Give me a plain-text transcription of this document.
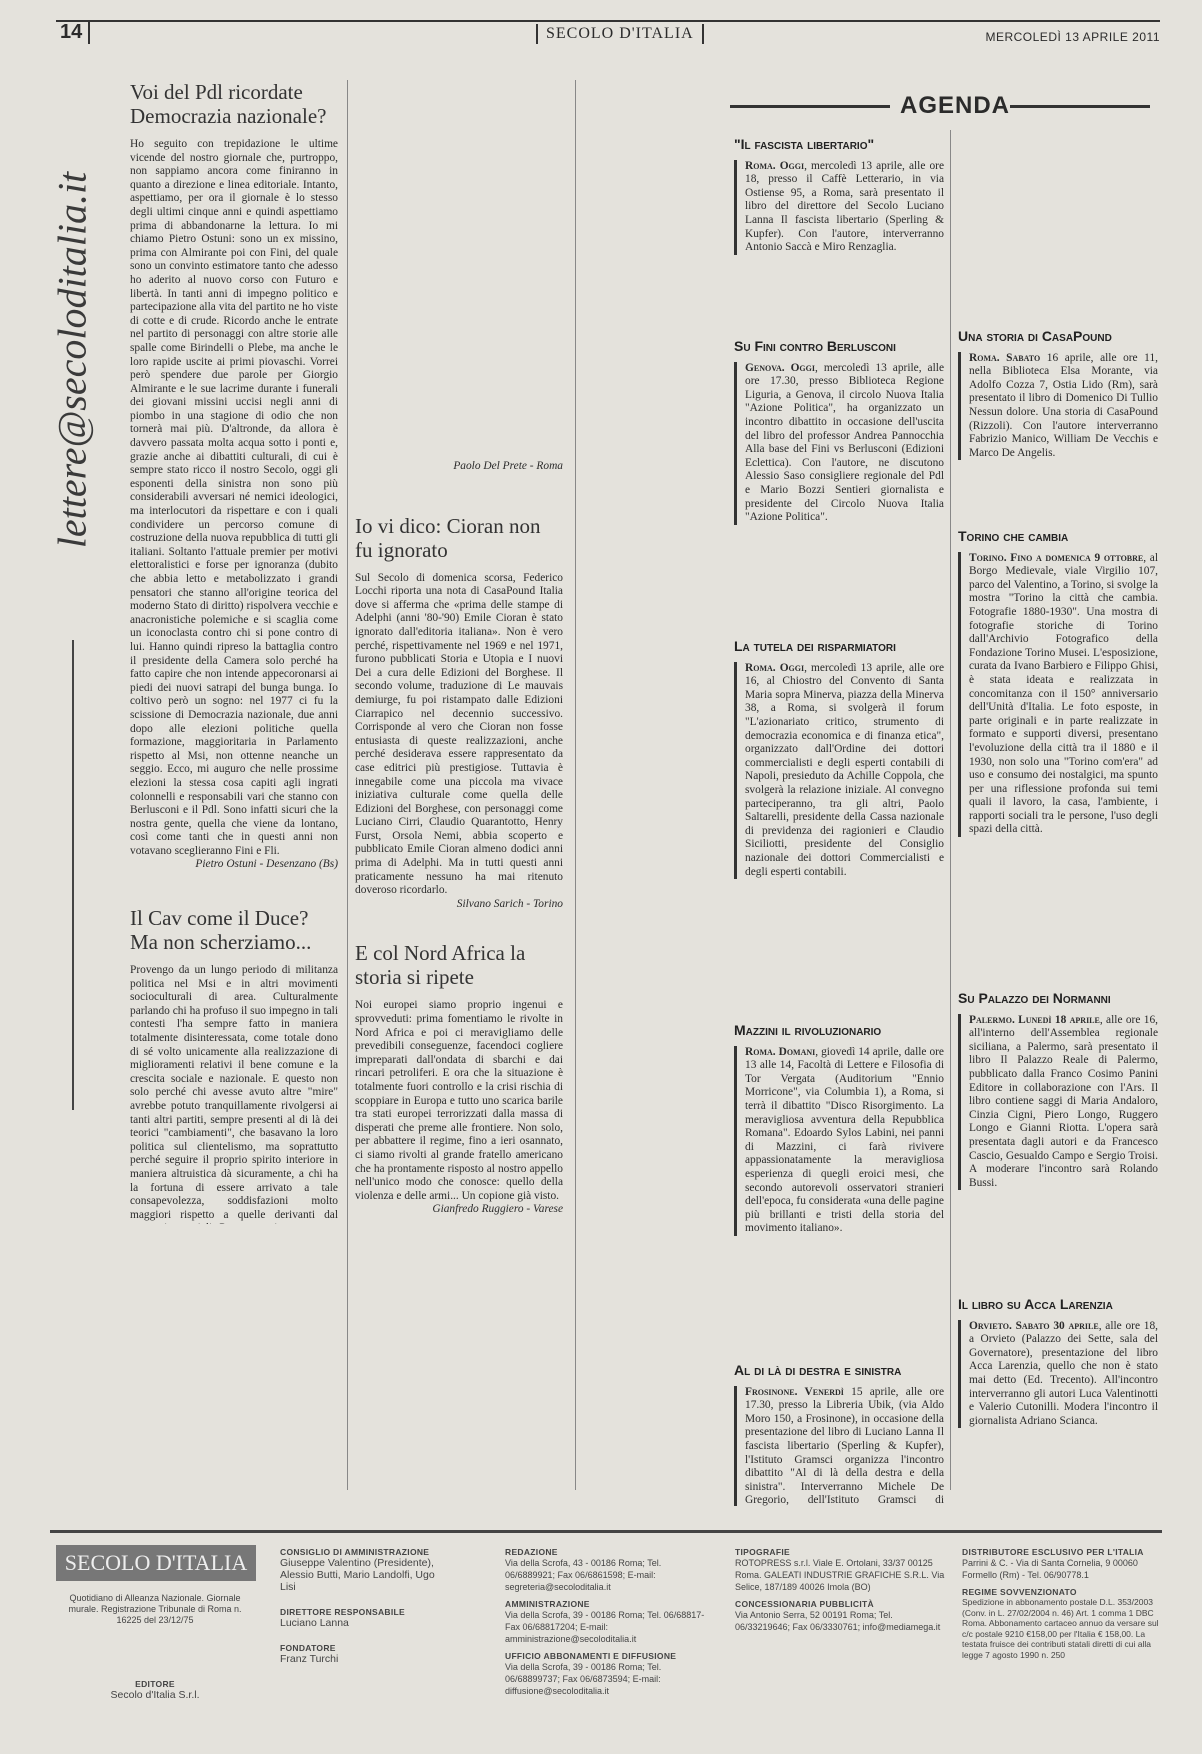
14	SECOLO D'ITALIA	MERCOLEDÌ 13 APRILE 2011
lettere@secoloditalia.it
Voi del Pdl ricordate Democrazia nazionale?

Ho seguito con trepidazione le ultime vicende del nostro giornale che, purtroppo, non sappiamo ancora come finiranno in quanto a direzione e linea editoriale. Intanto, aspettiamo, per ora il giornale è lo stesso degli ultimi cinque anni e quindi aspettiamo prima di abbandonarne la lettura. Io mi chiamo Pietro Ostuni: sono un ex missino, prima con Almirante poi con Fini, del quale sono un convinto estimatore tanto che adesso ho aderito al nuovo corso con Futuro e libertà. In tanti anni di impegno politico e partecipazione alla vita del partito ne ho viste di cotte e di crude. Ricordo anche le entrate nel partito di personaggi con altre storie alle spalle come Birindelli o Plebe, ma anche le loro rapide uscite ai primi piovaschi. Vorrei però spendere due parole per Giorgio Almirante e le sue lacrime durante i funerali dei giovani missini uccisi negli anni di piombo in una stagione di odio che non tornerà mai più. D'altronde, da allora è davvero passata molta acqua sotto i ponti e, grazie anche ai dibattiti culturali, di cui è sempre stato ricco il nostro Secolo, oggi gli esponenti della sinistra non sono più considerabili avversari né nemici ideologici, ma interlocutori da rispettare e con i quali condividere un percorso comune di costruzione della nuova repubblica di tutti gli italiani. Soltanto l'attuale premier per motivi elettoralistici e forse per ignoranza (dubito che abbia letto e metabolizzato i grandi pensatori che stanno all'origine teorica del moderno Stato di diritto) rispolvera vecchie e anacronistiche polemiche e si scaglia come un iconoclasta contro chi si pone contro di lui. Hanno quindi ripreso la battaglia contro il presidente della Camera solo perché ha fatto capire che non intende appecoronarsi ai piedi dei nuovi satrapi del bunga bunga. Io coltivo però un sogno: nel 1977 ci fu la scissione di Democrazia nazionale, due anni dopo alle elezioni politiche quella formazione, maggioritaria in Parlamento rispetto al Msi, non ottenne neanche un seggio. Ecco, mi auguro che nelle prossime elezioni la stessa cosa capiti agli ingrati colonnelli e responsabili vari che stanno con Berlusconi e il Pdl. Sono infatti sicuri che la nostra gente, quella che viene da lontano, così come tanti che in questi anni non votavano sceglieranno Fini e Fli.

Pietro Ostuni - Desenzano (Bs)

Il Cav come il Duce? Ma non scherziamo...

Provengo da un lungo periodo di militanza politica nel Msi e in altri movimenti socioculturali di area. Culturalmente parlando chi ha profuso il suo impegno in tali contesti l'ha sempre fatto in maniera totalmente disinteressata, come totale dono di sé volto unicamente alla realizzazione di miglioramenti relativi il bene comune e la crescita sociale e nazionale. E questo non solo perché chi avesse avuto altre "mire" avrebbe potuto tranquillamente rivolgersi ai tanti altri partiti, sempre presenti al di là dei teorici "cambiamenti", che basavano la loro politica sul clientelismo, ma soprattutto perché seguire il proprio spirito interiore in maniera altruistica dà sicuramente, a chi ha la fortuna di essere arrivato a tale consapevolezza, soddisfazioni molto maggiori rispetto a quelle derivanti dal

Paolo Del Prete - Roma

Io vi dico: Cioran non fu ignorato

Sul Secolo di domenica scorsa, Federico Locchi riporta una nota di CasaPound Italia dove si afferma che «prima delle stampe di Adelphi (anni '80-'90) Emile Cioran è stato ignorato dall'editoria italiana». Non è vero perché, rispettivamente nel 1969 e nel 1971, furono pubblicati Storia e Utopia e I nuovi Dei a cura delle Edizioni del Borghese. Il secondo volume, traduzione di Le mauvais demiurge, fu poi ristampato dalle Edizioni Ciarrapico nel decennio successivo. Corrisponde al vero che Cioran non fosse entusiasta di queste realizzazioni, anche perché desiderava essere rappresentato da case editrici più prestigiose. Tuttavia è innegabile come una piccola ma vivace iniziativa culturale come quella delle Edizioni del Borghese, con personaggi come Luciano Cirri, Claudio Quarantotto, Henry Furst, Orsola Nemi, abbia scoperto e pubblicato Emile Cioran almeno dodici anni prima di Adelphi. Ma in tutti questi anni praticamente nessuno ha mai ritenuto doveroso ricordarlo.

Silvano Sarich - Torino

E col Nord Africa la storia si ripete

Noi europei siamo proprio ingenui e sprovveduti: prima fomentiamo le rivolte in Nord Africa e poi ci meravigliamo delle prevedibili conseguenze, facendoci cogliere impreparati dall'ondata di sbarchi e dai rincari petroliferi. E ora che la situazione è totalmente fuori controllo e la crisi rischia di scoppiare in Europa e tutto uno scarica barile tra stati europei terrorizzati dalla massa di disperati che preme alle frontiere. Non solo, per abbattere il regime, fino a ieri osannato, ci siamo rivolti al grande fratello americano che ha prontamente risposto al nostro appello nell'unico modo che conosce: quello della violenza e delle armi... Un copione già visto.

Gianfredo Ruggiero - Varese

AGENDA
"Il fascista libertario"
Roma. Oggi, mercoledì 13 aprile, alle ore 18, presso il Caffè Letterario, in via Ostiense 95, a Roma, sarà presentato il libro del direttore del Secolo Luciano Lanna Il fascista libertario (Sperling & Kupfer). Con l'autore, interverranno Antonio Saccà e Miro Renzaglia.
Su Fini contro Berlusconi
Genova. Oggi, mercoledì 13 aprile, alle ore 17.30, presso Biblioteca Regione Liguria, a Genova, il circolo Nuova Italia "Azione Politica", ha organizzato un incontro dibattito in occasione dell'uscita del libro del professor Andrea Pannocchia Alla base del Fini vs Berlusconi (Edizioni Eclettica). Con l'autore, ne discutono Alessio Saso consigliere regionale del Pdl e Mario Bozzi Sentieri giornalista e presidente del Circolo Nuova Italia "Azione Politica".
La tutela dei risparmiatori
Roma. Oggi, mercoledì 13 aprile, alle ore 16, al Chiostro del Convento di Santa Maria sopra Minerva, piazza della Minerva 38, a Roma, si svolgerà il forum "L'azionariato critico, strumento di democrazia economica e di finanza etica", organizzato dall'Ordine dei dottori commercialisti e degli esperti contabili di Napoli, presieduto da Achille Coppola, che svolgerà la relazione iniziale. Al convegno parteciperanno, tra gli altri, Paolo Saltarelli, presidente della Cassa nazionale di previdenza dei ragionieri e Claudio Siciliotti, presidente del Consiglio nazionale dei dottori Commercialisti e degli esperti contabili.
Mazzini il rivoluzionario
Roma. Domani, giovedì 14 aprile, dalle ore 13 alle 14, Facoltà di Lettere e Filosofia di Tor Vergata (Auditorium "Ennio Morricone", via Columbia 1), a Roma, si terrà il dibattito "Disco Risorgimento. La meravigliosa avventura della Repubblica Romana". Edoardo Sylos Labini, nei panni di Mazzini, ci farà rivivere appassionatamente la meravigliosa esperienza di quegli eroici mesi, che secondo autorevoli osservatori stranieri dell'epoca, fu considerata «una delle pagine più brillanti e tristi della storia del movimento italiano».
Al di là di destra e sinistra
Frosinone. Venerdì 15 aprile, alle ore 17.30, presso la Libreria Ubik, (via Aldo Moro 150, a Frosinone), in occasione della presentazione del libro di Luciano Lanna Il fascista libertario (Sperling & Kupfer), l'Istituto Gramsci organizza l'incontro dibattito "Al di là della destra e della sinistra". Interverranno Michele De Gregorio, dell'Istituto Gramsci di
Una storia di CasaPound
Roma. Sabato 16 aprile, alle ore 11, nella Biblioteca Elsa Morante, via Adolfo Cozza 7, Ostia Lido (Rm), sarà presentato il libro di Domenico Di Tullio Nessun dolore. Una storia di CasaPound (Rizzoli). Con l'autore interverranno Fabrizio Manico, William De Vecchis e Marco De Angelis.
Torino che cambia
Torino. Fino a domenica 9 ottobre, al Borgo Medievale, viale Virgilio 107, parco del Valentino, a Torino, si svolge la mostra "Torino la città che cambia. Fotografie 1880-1930". Una mostra di fotografie storiche di Torino dall'Archivio Fotografico della Fondazione Torino Musei. L'esposizione, curata da Ivano Barbiero e Filippo Ghisi, è stata ideata e realizzata in concomitanza con il 150° anniversario dell'Unità d'Italia. Le foto esposte, in parte originali e in parte realizzate in formato e supporti diversi, presentano l'evoluzione della città tra il 1880 e il 1930, non solo una "Torino com'era" ad uso e consumo dei nostalgici, ma spunto per una riflessione profonda sui temi quali il lavoro, la casa, l'ambiente, i rapporti sociali tra le persone, l'uso degli spazi della città.
Su Palazzo dei Normanni
Palermo. Lunedì 18 aprile, alle ore 16, all'interno dell'Assemblea regionale siciliana, a Palermo, sarà presentato il libro Il Palazzo Reale di Palermo, pubblicato dalla Franco Cosimo Panini Editore in collaborazione con l'Ars. Il libro contiene saggi di Maria Andaloro, Cinzia Cigni, Piero Longo, Ruggero Longo e Gianni Riotta. L'opera sarà presentata dagli autori e da Francesco Cascio, Gesualdo Campo e Sergio Troisi. A moderare l'incontro sarà Rolando Bussi.
Il libro su Acca Larenzia
Orvieto. Sabato 30 aprile, alle ore 18, a Orvieto (Palazzo dei Sette, sala del Governatore), presentazione del libro Acca Larenzia, quello che non è stato mai detto (Ed. Trecento). All'incontro interverranno gli autori Luca Valentinotti e Valerio Cutonilli. Modera l'incontro il giornalista Adriano Scianca.
SECOLO D'ITALIA
Quotidiano di Alleanza Nazionale. Giornale murale. Registrazione Tribunale di Roma n. 16225 del 23/12/75
EDITORE
Secolo d'Italia S.r.l.
CONSIGLIO DI AMMINISTRAZIONE
Giuseppe Valentino (Presidente), Alessio Butti, Mario Landolfi, Ugo Lisi
DIRETTORE RESPONSABILE
Luciano Lanna
FONDATORE
Franz Turchi
REDAZIONE
Via della Scrofa, 43 - 00186 Roma; Tel. 06/6889921; Fax 06/6861598; E-mail: segreteria@secoloditalia.it
AMMINISTRAZIONE
Via della Scrofa, 39 - 00186 Roma; Tel. 06/68817- Fax 06/68817204; E-mail: amministrazione@secoloditalia.it
UFFICIO ABBONAMENTI E DIFFUSIONE
Via della Scrofa, 39 - 00186 Roma; Tel. 06/68899737; Fax 06/6873594; E-mail: diffusione@secoloditalia.it
TIPOGRAFIE
ROTOPRESS s.r.l. Viale E. Ortolani, 33/37 00125 Roma. GALEATI INDUSTRIE GRAFICHE S.R.L. Via Selice, 187/189 40026 Imola (BO)
CONCESSIONARIA PUBBLICITÀ
Via Antonio Serra, 52 00191 Roma; Tel. 06/33219646; Fax 06/3330761; info@mediamega.it
DISTRIBUTORE ESCLUSIVO PER L'ITALIA
Parrini & C. - Via di Santa Cornelia, 9 00060 Formello (Rm) - Tel. 06/90778.1
REGIME SOVVENZIONATO
Spedizione in abbonamento postale D.L. 353/2003 (Conv. in L. 27/02/2004 n. 46) Art. 1 comma 1 DBC Roma. Abbonamento cartaceo annuo da versare sul c/c postale 9210 €158,00 per l'Italia € 158,00. La testata fruisce dei contributi statali diretti di cui alla legge 7 agosto 1990 n. 250
